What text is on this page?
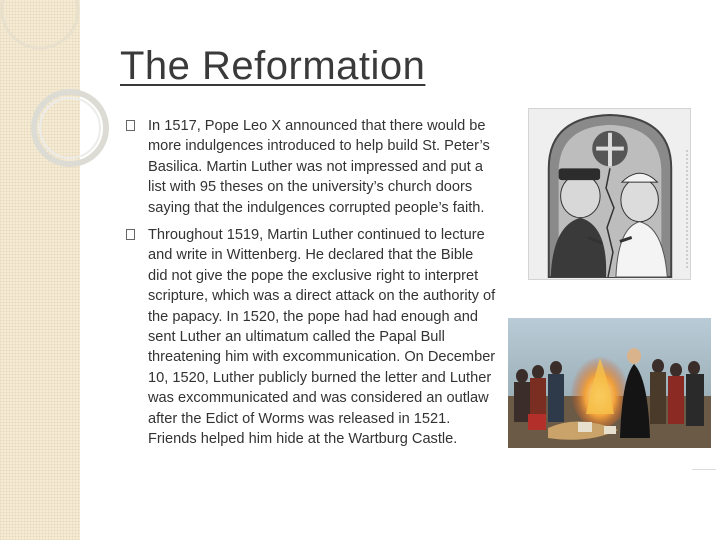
The Reformation
In 1517, Pope Leo X announced that there would be more indulgences introduced to help build St. Peter’s Basilica. Martin Luther was not impressed and put a list with 95 theses on the university’s church doors saying that the indulgences corrupted people’s faith.
Throughout 1519, Martin Luther continued to lecture and write in Wittenberg. He declared that the Bible did not give the pope the exclusive right to interpret scripture, which was a direct attack on the authority of the papacy. In 1520, the pope had had enough and sent Luther an ultimatum called the Papal Bull threatening him with excommunication. On December 10, 1520, Luther publicly burned the letter and Luther was excommunicated and was considered an outlaw after the Edict of Worms was released in 1521. Friends helped him hide at the Wartburg Castle.
